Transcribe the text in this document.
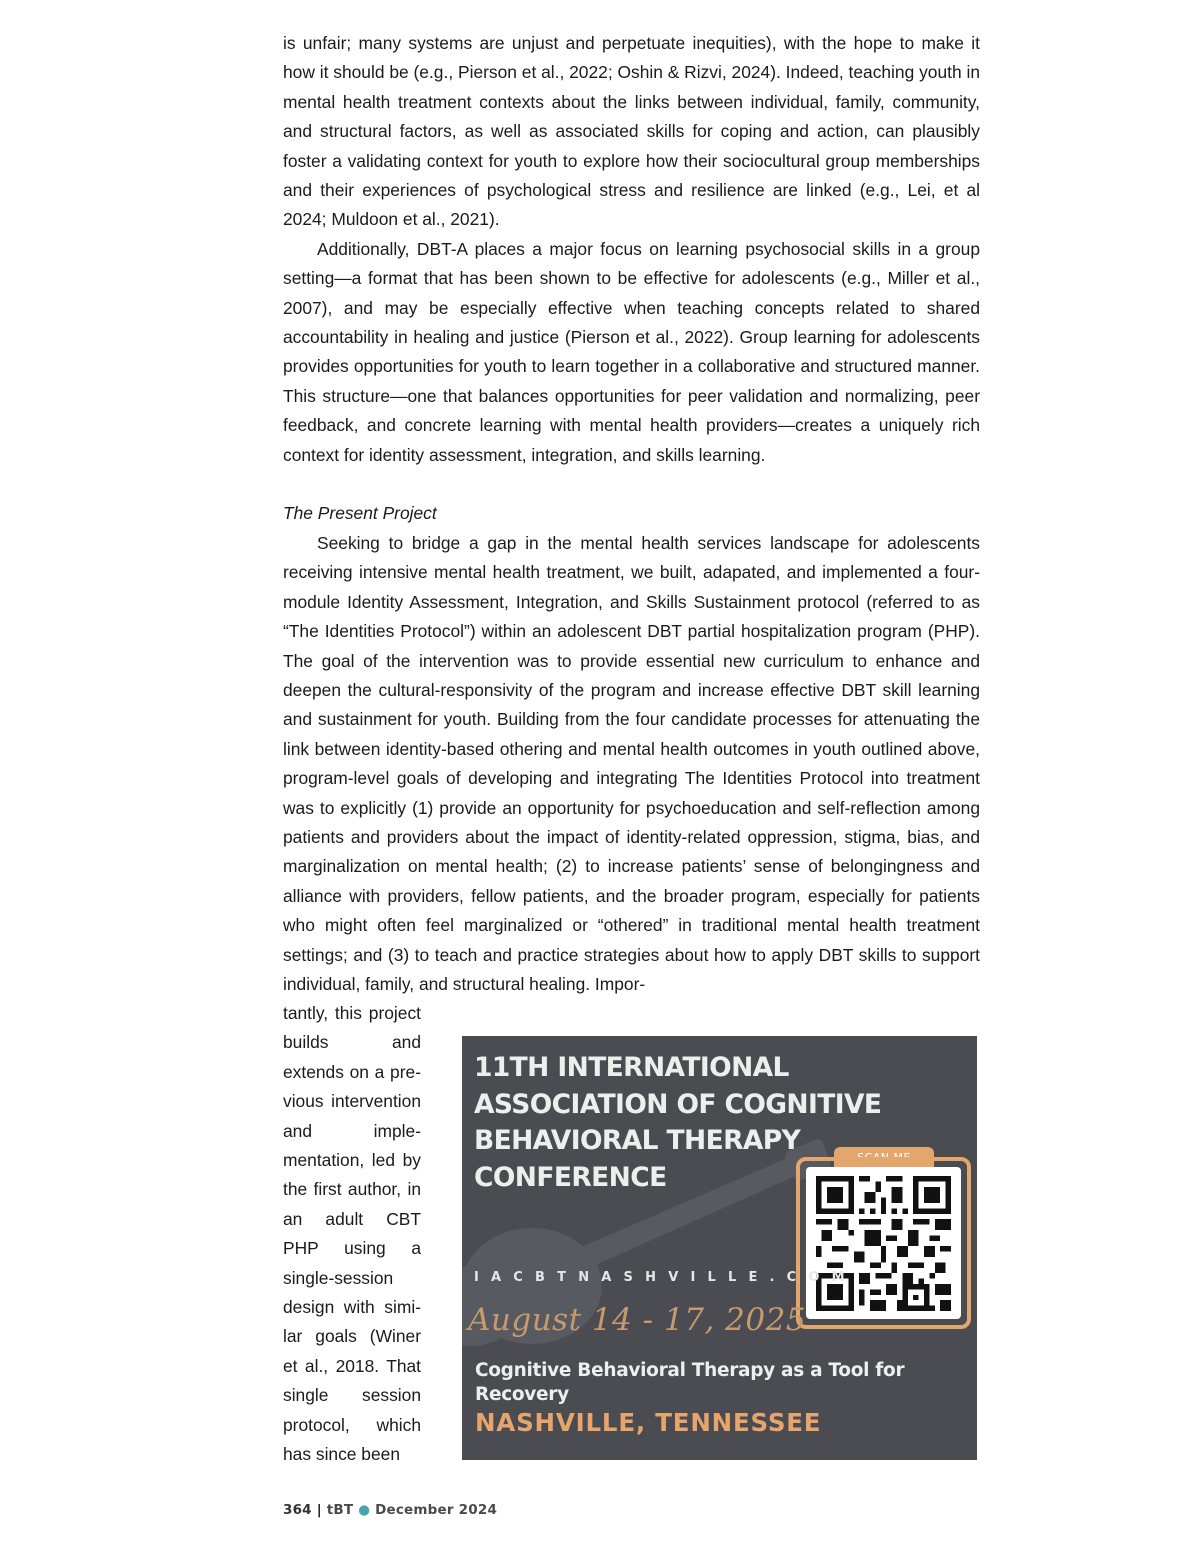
is unfair; many systems are unjust and perpetuate inequities), with the hope to make it how it should be (e.g., Pierson et al., 2022; Oshin & Rizvi, 2024). Indeed, teaching youth in mental health treatment contexts about the links between individual, family, community, and structural factors, as well as associated skills for coping and action, can plausibly foster a validating context for youth to explore how their sociocultural group memberships and their experiences of psychological stress and resilience are linked (e.g., Lei, et al 2024; Muldoon et al., 2021).

Additionally, DBT-A places a major focus on learning psychosocial skills in a group setting—a format that has been shown to be effective for adolescents (e.g., Miller et al., 2007), and may be especially effective when teaching concepts related to shared accountability in healing and justice (Pierson et al., 2022). Group learning for adolescents provides opportunities for youth to learn together in a collaborative and structured manner. This structure—one that balances opportunities for peer validation and normalizing, peer feedback, and concrete learning with mental health providers—creates a uniquely rich context for identity assessment, integration, and skills learning.

The Present Project

Seeking to bridge a gap in the mental health services landscape for adolescents receiving intensive mental health treatment, we built, adapated, and implemented a four-module Identity Assessment, Integration, and Skills Sustainment protocol (referred to as “The Identities Protocol”) within an adolescent DBT partial hospitalization program (PHP). The goal of the intervention was to provide essential new curriculum to enhance and deepen the cultural-responsivity of the program and increase effective DBT skill learning and sustainment for youth. Building from the four candidate processes for attenuating the link between identity-based othering and mental health outcomes in youth outlined above, program-level goals of developing and integrating The Identities Protocol into treatment was to explicitly (1) provide an opportunity for psychoeducation and self-reflection among patients and providers about the impact of identity-related oppression, stigma, bias, and marginalization on mental health; (2) to increase patients’ sense of belongingness and alliance with providers, fellow patients, and the broader program, especially for patients who might often feel marginalized or “othered” in traditional mental health treatment settings; and (3) to teach and practice strategies about how to apply DBT skills to support individual, family, and structural healing. Impor-

tantly, this project builds and extends on a previous intervention and implementation, led by the first author, in an adult CBT PHP using a single-session design with similar goals (Winer et al., 2018. That single session protocol, which has since been
11TH INTERNATIONAL ASSOCIATION OF COGNITIVE BEHAVIORAL THERAPY CONFERENCE
SCAN ME
IACBTNASHVILLE.COM
August 14 - 17, 2025
Cognitive Behavioral Therapy as a Tool for Recovery
NASHVILLE, TENNESSEE
364 | tBT ● December 2024
